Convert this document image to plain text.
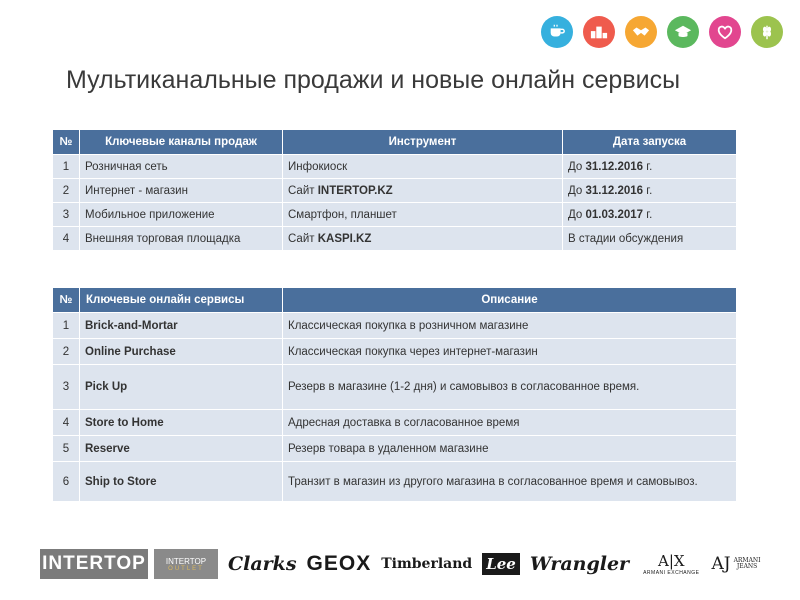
Мультиканальные продажи и новые онлайн сервисы
№	Ключевые каналы продаж	Инструмент	Дата запуска
1	Розничная сеть	Инфокиоск	До 31.12.2016 г.
2	Интернет - магазин	Сайт INTERTOP.KZ	До 31.12.2016 г.
3	Мобильное приложение	Смартфон, планшет	До 01.03.2017 г.
4	Внешняя торговая площадка	Сайт KASPI.KZ	В стадии обсуждения
№	Ключевые онлайн сервисы	Описание
1	Brick-and-Mortar	Классическая покупка в розничном магазине
2	Online Purchase	Классическая покупка через интернет-магазин
3	Pick Up	Резерв в магазине (1-2 дня) и самовывоз в согласованное время.
4	Store to Home	Адресная доставка в согласованное время
5	Reserve	Резерв товара в удаленном магазине
6	Ship to Store	Транзит в магазин из другого магазина в согласованное время и самовывоз.
INTERTOP	INTERTOP
OUTLET Clarks GEOX Timberland Lee Wrangler A|X
ARMANI EXCHANGE AJ ARMANI
JEANS
